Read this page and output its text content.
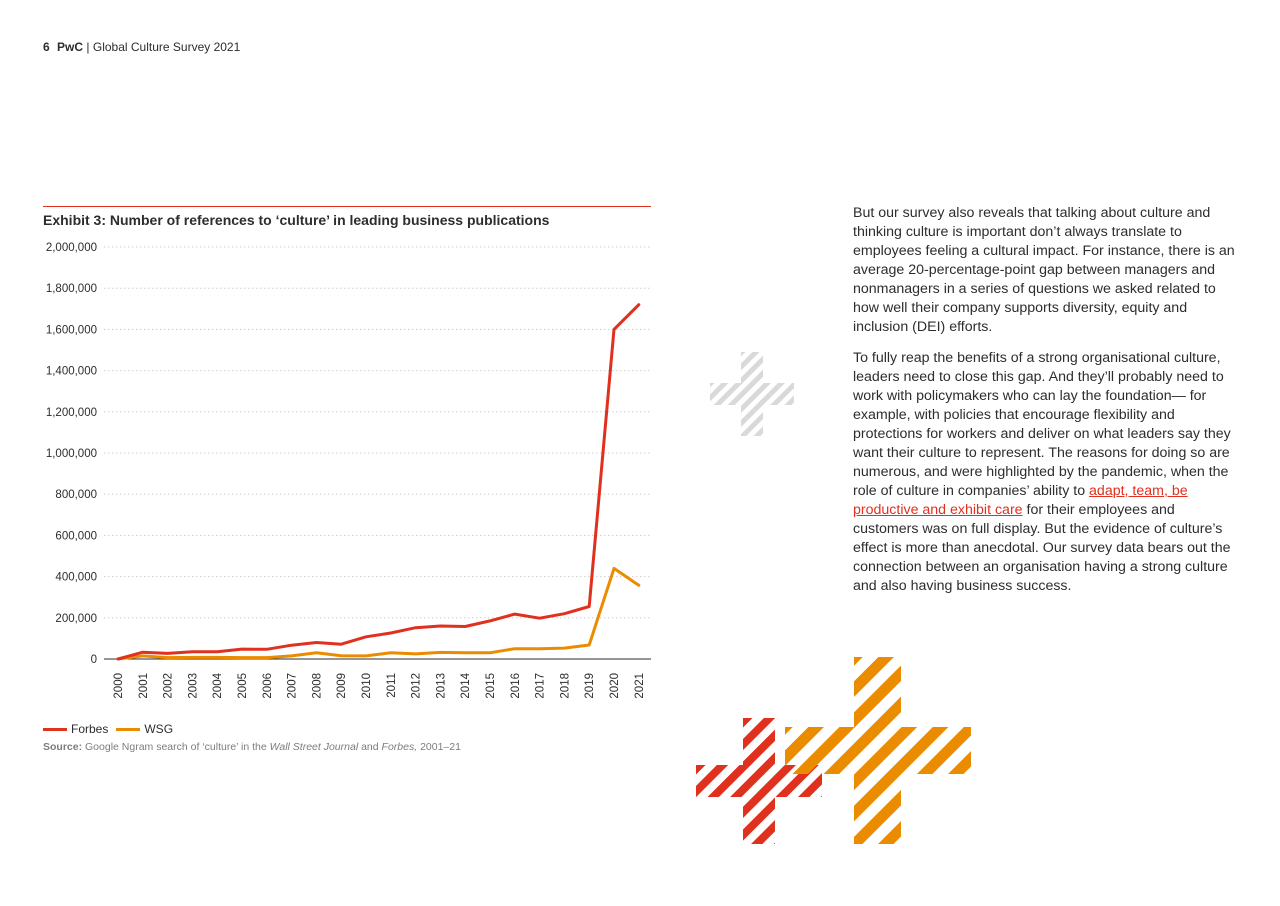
6 PwC | Global Culture Survey 2021
Exhibit 3: Number of references to ‘culture’ in leading business publications
0
200,000
400,000
600,000
800,000
1,000,000
1,200,000
1,400,000
1,600,000
1,800,000
2,000,000
2000 2001 2002 2003 2004 2005 2006 2007 2008 2009 2010 2011 2012 2013 2014 2015 2016 2017 2018 2019 2020 2021
Forbes	WSG
Source: Google Ngram search of ‘culture’ in the Wall Street Journal and Forbes, 2001–21

But our survey also reveals that talking about culture and thinking culture is important don’t always translate to employees feeling a cultural impact. For instance, there is an average 20-percentage-point gap between managers and nonmanagers in a series of questions we asked related to how well their company supports diversity, equity and inclusion (DEI) efforts.

To fully reap the benefits of a strong organisational culture, leaders need to close this gap. And they’ll probably need to work with policymakers who can lay the foundation— for example, with policies that encourage flexibility and protections for workers and deliver on what leaders say they want their culture to represent. The reasons for doing so are numerous, and were highlighted by the pandemic, when the role of culture in companies’ ability to adapt, team, be productive and exhibit care for their employees and customers was on full display. But the evidence of culture’s effect is more than anecdotal. Our survey data bears out the connection between an organisation having a strong culture and also having business success.
